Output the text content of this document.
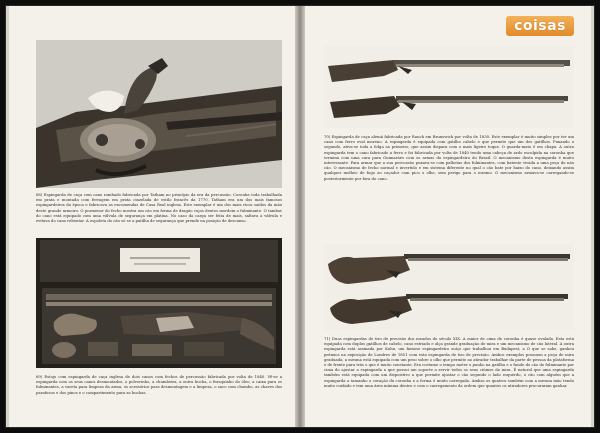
68) Espingarda de caça com cano rombado fabricada por Tatham no princípio da era da percussão. Coronha toda trabalhada em prata e montada com ferragem em prata cinzelada de estilo francês da 1770. Tatham era um dos mais famosos espingardeiros da época e fabricava as encomendas de Casa Real inglesa. Este exemplar é um dos mais ricos saídos da mão deste grande armeiro. O pormenor do fecho mostra um cão em forma de dragão cujos dentes mordem o fulminante. O tambor do cano está equipado com uma válvula de segurança em platina. No caso da carga ser feita de mais, saltava a válvula e evitava do cano rebentar. A espoleta do cão só se a patilha de segurança que prende na posição de descanso.

69) Estojo com espingarda de caça inglesa de dois canos com fechos de percussão fabricada por volta de 1840. Vê-se a espingarda com os seus canos desmontados, o polvorinho, a chumbeira, a outra bucha, o frasquinho do óleo, a caixa para os fulminantes, a vareta para limpeza da arma, os acessórios para desmontagem e a limpeza, o saco com chumbo, as chaves dos parafusos e dos pinos e o compartimento para as buchas.

coisas

70) Espingarda de caça alemã fabricada por Rauch em Brunswick por volta de 1830. Este exemplar é muito simples por ter um cano com ferro oval moreno. A espingarda é equipada com gatilho cabelo e que permite que um dos gatilhos. Puxando o segundo, ativa-se toda a folga ao primeiro, que assim dispara com o mais ligeiro toque. O guarda-mato é em chapa. A outra espingarda tem o cano fabricado a ferro e foi fabricada por volta de 1840 tendo uma cabeça de ardo esculpida na coronha que termina com uma cara para Guimarães com os armas do espingardeiro do Brasil. O mecanismo desta espingarda é muito interessante. Para armar que a sua percussão puxava-se com palhetas dos fulminantes, com batente virada a uma peça de não cão. O mecanismo de fecho normal e invertido e em sistema diferente no qual o cão bate por baixo do cano, deixando assim qualquer molheo de fogo ao caçador com pico o olhe, sem perigo para o mesmo. O mecanismo armava-se carregando-se posteriormente por fora do cano.

71) Duas espingardas de tiro de precisão dos meados do século XIX. A maior de cima de coronha é quase ovalada. Esta está equipada com duplos gatilhos de cabelo, cano estriado e alça grande graduação de mira e um mecanismo de cão lateral. A outra espingarda está assinada por Kuhn, um famoso espingardeiro suíço que trabalhou em Budapest, a O que se sabe, ganhou prémios na exposição de Londres de 1851 com esta espingarda de tiro de precisão. Ambos exemplos possuem a peça de mira graduada, a mesma está equipada com um peso sobre o olho que permite ao atirador trabalhar da parte de pessoa da plataforma e de frente para trás o que é muito constante. Era costume o tempo meter o punho na gatilha e o fundo do cão do fulminante por cima do ajustar a espingarda a que possui um soporte a servir todos os seus ciúmes da mira. É natural que uma espingarda também está equipada com um dispositivo a que permite ajustar o cão segundo o lado esquerdo, o cão com alguém que a espingarda a tamanho o coração da coronha e a forma é muito carregada. Ambas os quatros também com a mesma mão tendo muito cuidado e tem uma área mínima dentro e com o carregamento da ordem que quantos os atiradores procuraram ganhar.
